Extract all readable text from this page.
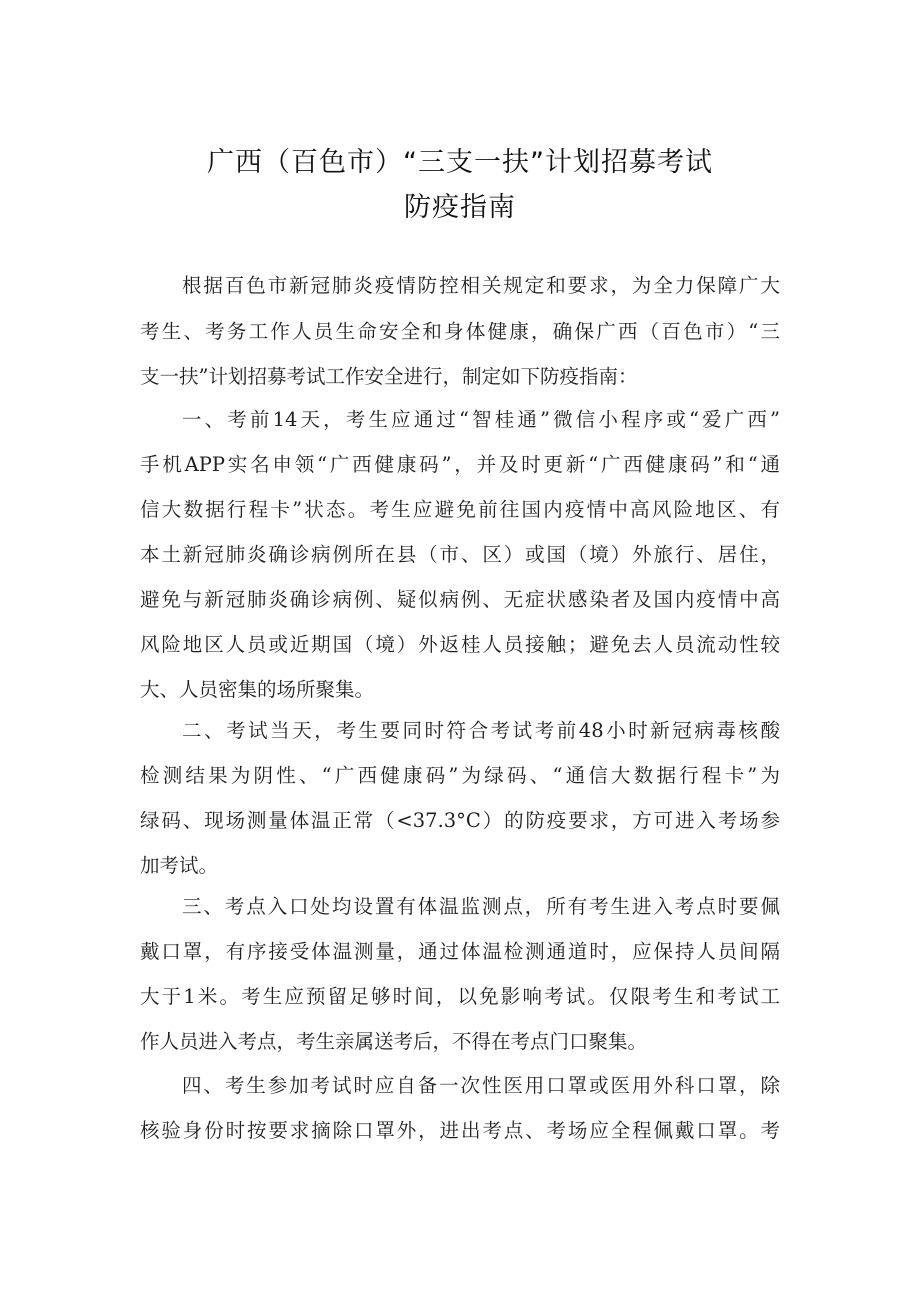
广西（百色市）“三支一扶”计划招募考试
防疫指南
根据百色市新冠肺炎疫情防控相关规定和要求，为全力保障广大
考生、考务工作人员生命安全和身体健康，确保广西（百色市）“三
支一扶”计划招募考试工作安全进行，制定如下防疫指南：
一、考前14天，考生应通过“智桂通”微信小程序或“爱广西”
手机APP实名申领“广西健康码”，并及时更新“广西健康码”和“通
信大数据行程卡”状态。考生应避免前往国内疫情中高风险地区、有
本土新冠肺炎确诊病例所在县（市、区）或国（境）外旅行、居住，
避免与新冠肺炎确诊病例、疑似病例、无症状感染者及国内疫情中高
风险地区人员或近期国（境）外返桂人员接触；避免去人员流动性较
大、人员密集的场所聚集。
二、考试当天，考生要同时符合考试考前48小时新冠病毒核酸
检测结果为阴性、“广西健康码”为绿码、“通信大数据行程卡”为
绿码、现场测量体温正常（<37.3°C）的防疫要求，方可进入考场参
加考试。
三、考点入口处均设置有体温监测点，所有考生进入考点时要佩
戴口罩，有序接受体温测量，通过体温检测通道时，应保持人员间隔
大于1米。考生应预留足够时间，以免影响考试。仅限考生和考试工
作人员进入考点，考生亲属送考后，不得在考点门口聚集。
四、考生参加考试时应自备一次性医用口罩或医用外科口罩，除
核验身份时按要求摘除口罩外，进出考点、考场应全程佩戴口罩。考
